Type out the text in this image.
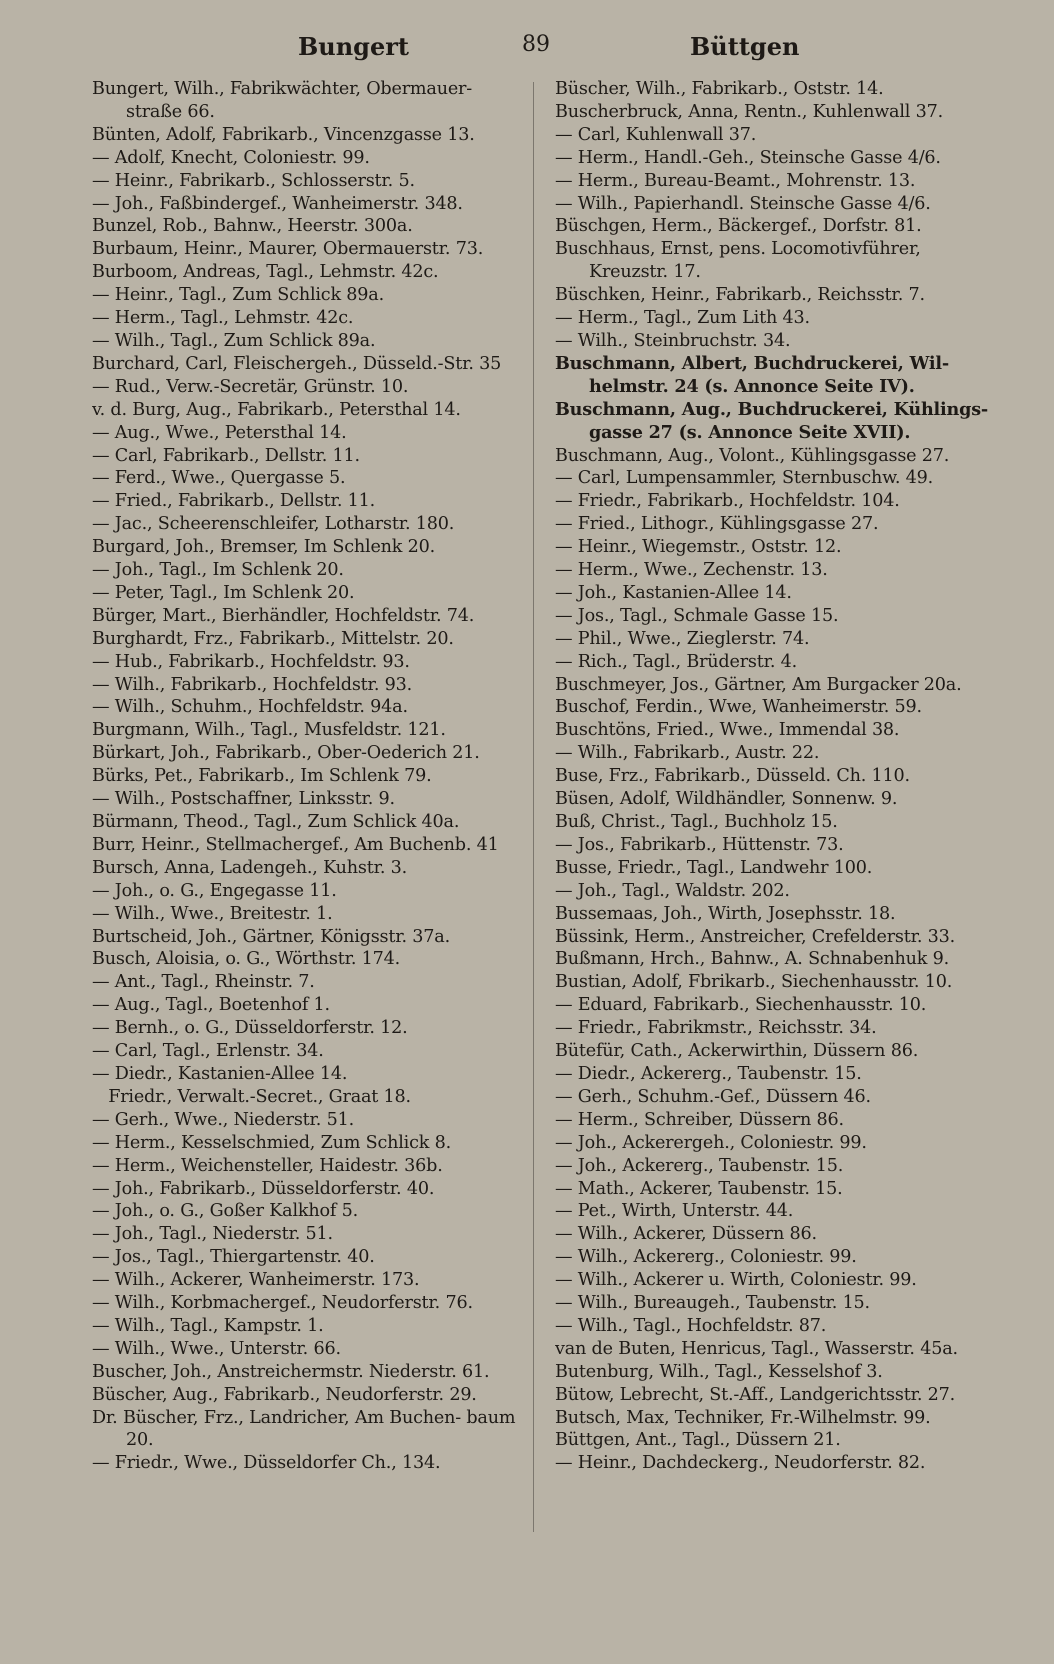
Bungert	89	Büttgen
Bungert, Wilh., Fabrikwächter, Obermauer- straße 66.
Bünten, Adolf, Fabrikarb., Vincenzgasse 13.
— Adolf, Knecht, Coloniestr. 99.
— Heinr., Fabrikarb., Schlosserstr. 5.
— Joh., Faßbindergef., Wanheimerstr. 348.
Bunzel, Rob., Bahnw., Heerstr. 300a.
Burbaum, Heinr., Maurer, Obermauerstr. 73.
Burboom, Andreas, Tagl., Lehmstr. 42c.
— Heinr., Tagl., Zum Schlick 89a.
— Herm., Tagl., Lehmstr. 42c.
— Wilh., Tagl., Zum Schlick 89a.
Burchard, Carl, Fleischergeh., Düsseld.-Str. 35
— Rud., Verw.-Secretär, Grünstr. 10.
v. d. Burg, Aug., Fabrikarb., Petersthal 14.
— Aug., Wwe., Petersthal 14.
— Carl, Fabrikarb., Dellstr. 11.
— Ferd., Wwe., Quergasse 5.
— Fried., Fabrikarb., Dellstr. 11.
— Jac., Scheerenschleifer, Lotharstr. 180.
Burgard, Joh., Bremser, Im Schlenk 20.
— Joh., Tagl., Im Schlenk 20.
— Peter, Tagl., Im Schlenk 20.
Bürger, Mart., Bierhändler, Hochfeldstr. 74.
Burghardt, Frz., Fabrikarb., Mittelstr. 20.
— Hub., Fabrikarb., Hochfeldstr. 93.
— Wilh., Fabrikarb., Hochfeldstr. 93.
— Wilh., Schuhm., Hochfeldstr. 94a.
Burgmann, Wilh., Tagl., Musfeldstr. 121.
Bürkart, Joh., Fabrikarb., Ober-Oederich 21.
Bürks, Pet., Fabrikarb., Im Schlenk 79.
— Wilh., Postschaffner, Linksstr. 9.
Bürmann, Theod., Tagl., Zum Schlick 40a.
Burr, Heinr., Stellmachergef., Am Buchenb. 41
Bursch, Anna, Ladengeh., Kuhstr. 3.
— Joh., o. G., Engegasse 11.
— Wilh., Wwe., Breitestr. 1.
Burtscheid, Joh., Gärtner, Königsstr. 37a.
Busch, Aloisia, o. G., Wörthstr. 174.
— Ant., Tagl., Rheinstr. 7.
— Aug., Tagl., Boetenhof 1.
— Bernh., o. G., Düsseldorferstr. 12.
— Carl, Tagl., Erlenstr. 34.
— Diedr., Kastanien-Allee 14.
Friedr., Verwalt.-Secret., Graat 18.
— Gerh., Wwe., Niederstr. 51.
— Herm., Kesselschmied, Zum Schlick 8.
— Herm., Weichensteller, Haidestr. 36b.
— Joh., Fabrikarb., Düsseldorferstr. 40.
— Joh., o. G., Goßer Kalkhof 5.
— Joh., Tagl., Niederstr. 51.
— Jos., Tagl., Thiergartenstr. 40.
— Wilh., Ackerer, Wanheimerstr. 173.
— Wilh., Korbmachergef., Neudorferstr. 76.
— Wilh., Tagl., Kampstr. 1.
— Wilh., Wwe., Unterstr. 66.
Buscher, Joh., Anstreichermstr. Niederstr. 61.
Büscher, Aug., Fabrikarb., Neudorferstr. 29.
Dr. Büscher, Frz., Landricher, Am Buchen- baum 20.
— Friedr., Wwe., Düsseldorfer Ch., 134.
Büscher, Wilh., Fabrikarb., Oststr. 14.
Buscherbruck, Anna, Rentn., Kuhlenwall 37.
— Carl, Kuhlenwall 37.
— Herm., Handl.-Geh., Steinsche Gasse 4/6.
— Herm., Bureau-Beamt., Mohrenstr. 13.
— Wilh., Papierhandl. Steinsche Gasse 4/6.
Büschgen, Herm., Bäckergef., Dorfstr. 81.
Buschhaus, Ernst, pens. Locomotivführer, Kreuzstr. 17.
Büschken, Heinr., Fabrikarb., Reichsstr. 7.
— Herm., Tagl., Zum Lith 43.
— Wilh., Steinbruchstr. 34.
Buschmann, Albert, Buchdruckerei, Wil- helmstr. 24 (s. Annonce Seite IV).
Buschmann, Aug., Buchdruckerei, Kühlings- gasse 27 (s. Annonce Seite XVII).
Buschmann, Aug., Volont., Kühlingsgasse 27.
— Carl, Lumpensammler, Sternbuschw. 49.
— Friedr., Fabrikarb., Hochfeldstr. 104.
— Fried., Lithogr., Kühlingsgasse 27.
— Heinr., Wiegemstr., Oststr. 12.
— Herm., Wwe., Zechenstr. 13.
— Joh., Kastanien-Allee 14.
— Jos., Tagl., Schmale Gasse 15.
— Phil., Wwe., Zieglerstr. 74.
— Rich., Tagl., Brüderstr. 4.
Buschmeyer, Jos., Gärtner, Am Burgacker 20a.
Buschof, Ferdin., Wwe, Wanheimerstr. 59.
Buschtöns, Fried., Wwe., Immendal 38.
— Wilh., Fabrikarb., Austr. 22.
Buse, Frz., Fabrikarb., Düsseld. Ch. 110.
Büsen, Adolf, Wildhändler, Sonnenw. 9.
Buß, Christ., Tagl., Buchholz 15.
— Jos., Fabrikarb., Hüttenstr. 73.
Busse, Friedr., Tagl., Landwehr 100.
— Joh., Tagl., Waldstr. 202.
Bussemaas, Joh., Wirth, Josephsstr. 18.
Büssink, Herm., Anstreicher, Crefelderstr. 33.
Bußmann, Hrch., Bahnw., A. Schnabenhuk 9.
Bustian, Adolf, Fbrikarb., Siechenhausstr. 10.
— Eduard, Fabrikarb., Siechenhausstr. 10.
— Friedr., Fabrikmstr., Reichsstr. 34.
Bütefür, Cath., Ackerwirthin, Düssern 86.
— Diedr., Ackererg., Taubenstr. 15.
— Gerh., Schuhm.-Gef., Düssern 46.
— Herm., Schreiber, Düssern 86.
— Joh., Ackerergeh., Coloniestr. 99.
— Joh., Ackererg., Taubenstr. 15.
— Math., Ackerer, Taubenstr. 15.
— Pet., Wirth, Unterstr. 44.
— Wilh., Ackerer, Düssern 86.
— Wilh., Ackererg., Coloniestr. 99.
— Wilh., Ackerer u. Wirth, Coloniestr. 99.
— Wilh., Bureaugeh., Taubenstr. 15.
— Wilh., Tagl., Hochfeldstr. 87.
van de Buten, Henricus, Tagl., Wasserstr. 45a.
Butenburg, Wilh., Tagl., Kesselshof 3.
Bütow, Lebrecht, St.-Aff., Landgerichtsstr. 27.
Butsch, Max, Techniker, Fr.-Wilhelmstr. 99.
Büttgen, Ant., Tagl., Düssern 21.
— Heinr., Dachdeckerg., Neudorferstr. 82.
